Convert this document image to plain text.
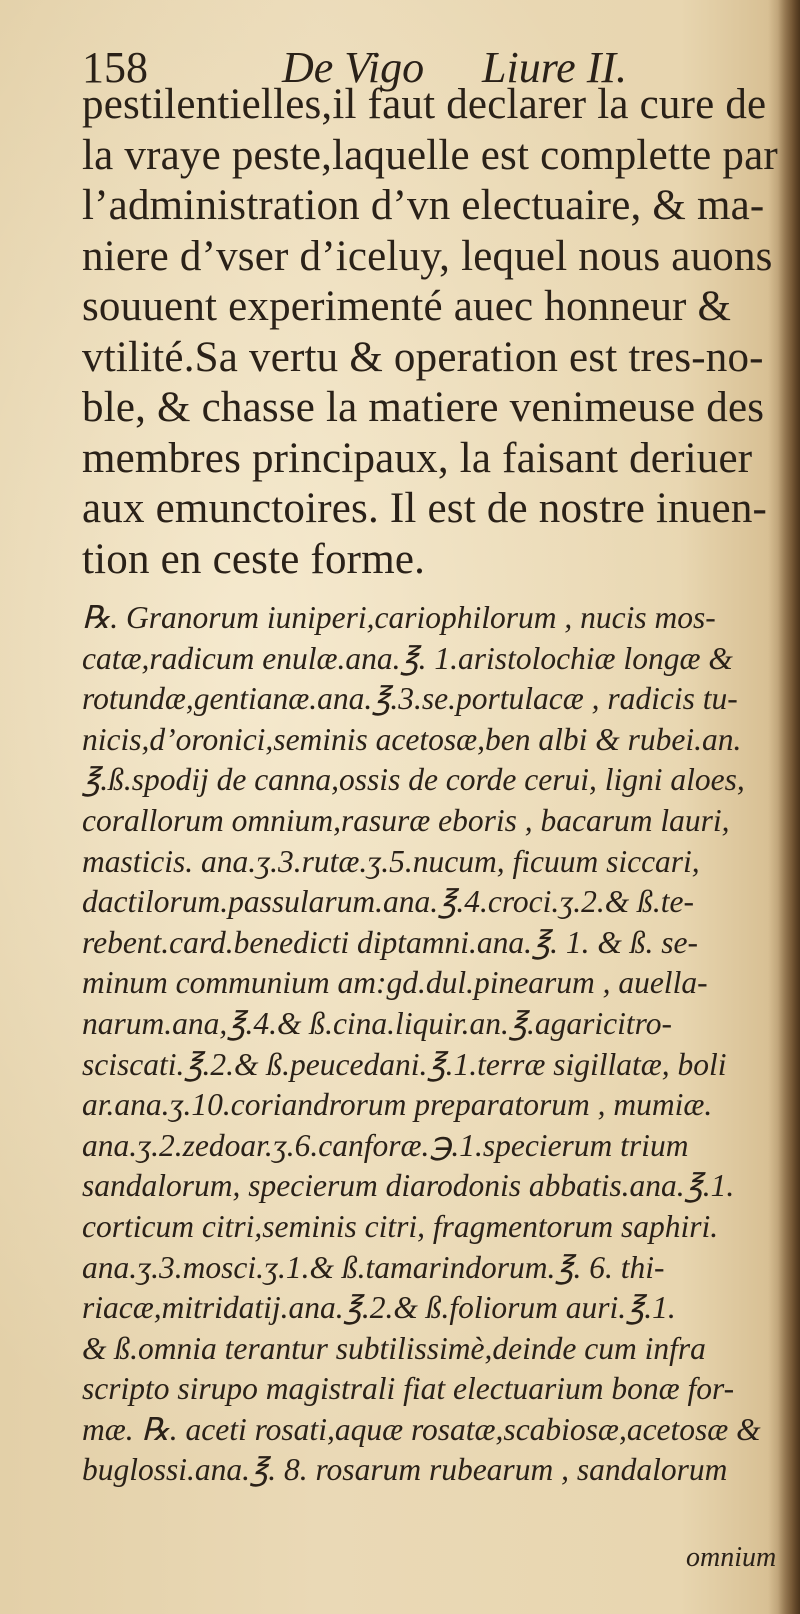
158	De Vigo Liure II.
pestilentielles,il faut declarer la cure de
la vraye peste,laquelle est complette par
l’administration d’vn electuaire, & ma-
niere d’vser d’iceluy, lequel nous auons
souuent experimenté auec honneur &
vtilité.Sa vertu & operation est tres-no-
ble, & chasse la matiere venimeuse des
membres principaux, la faisant deriuer
aux emunctoires. Il est de nostre inuen-
tion en ceste forme.
℞. Granorum iuniperi,cariophilorum , nucis mos-
catæ,radicum enulæ.ana.℥. 1.aristolochiæ longæ &
rotundæ,gentianæ.ana.℥.3.se.portulacæ , radicis tu-
nicis,d’oronici,seminis acetosæ,ben albi & rubei.an.
℥.ß.spodij de canna,ossis de corde cerui, ligni aloes,
corallorum omnium,rasuræ eboris , bacarum lauri,
masticis. ana.ʒ.3.rutæ.ʒ.5.nucum, ficuum siccari,
dactilorum.passularum.ana.℥.4.croci.ʒ.2.& ß.te-
rebent.card.benedicti diptamni.ana.℥. 1. & ß. se-
minum communium am:gd.dul.pinearum , auella-
narum.ana,℥.4.& ß.cina.liquir.an.℥.agaricitro-
sciscati.℥.2.& ß.peucedani.℥.1.terræ sigillatæ, boli
ar.ana.ʒ.10.coriandrorum preparatorum , mumiæ.
ana.ʒ.2.zedoar.ʒ.6.canforæ.℈.1.specierum trium
sandalorum, specierum diarodonis abbatis.ana.℥.1.
corticum citri,seminis citri, fragmentorum saphiri.
ana.ʒ.3.mosci.ʒ.1.& ß.tamarindorum.℥. 6. thi-
riacæ,mitridatij.ana.℥.2.& ß.foliorum auri.℥.1.
& ß.omnia terantur subtilissimè,deinde cum infra
scripto sirupo magistrali fiat electuarium bonæ for-
mæ. ℞. aceti rosati,aquæ rosatæ,scabiosæ,acetosæ &
buglossi.ana.℥. 8. rosarum rubearum , sandalorum
omnium
